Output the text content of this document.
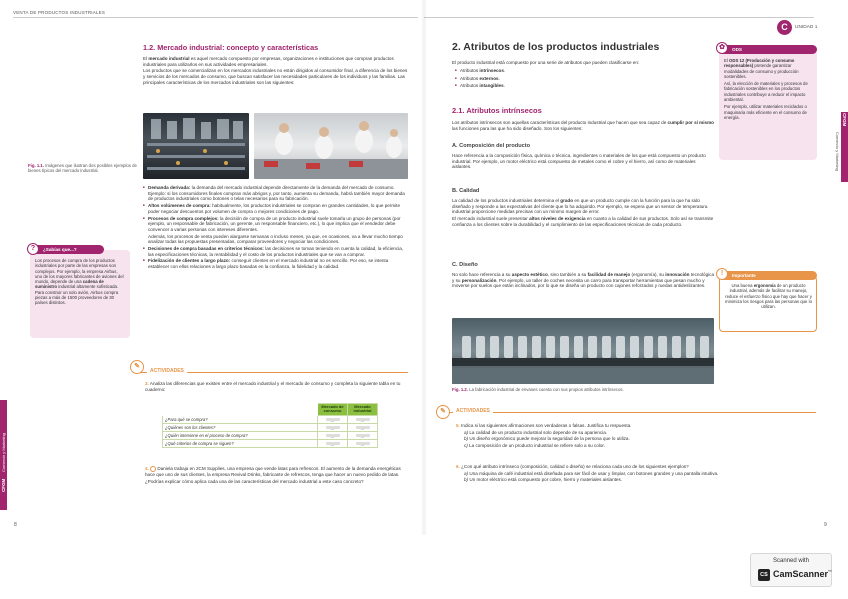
VENTA DE PRODUCTOS INDUSTRIALES
CFGM
Comercio y Marketing
1.2. Mercado industrial: concepto y características

El mercado industrial es aquel mercado compuesto por empresas, organizaciones e instituciones que compran productos industriales para utilizarlos en sus actividades empresariales.

Los productos que se comercializan en los mercados industriales no están dirigidos al consumidor final, a diferencia de los bienes y servicios de los mercados de consumo, que buscan satisfacer las necesidades particulares de los individuos y las familias. Las principales características de los mercados industriales son las siguientes:

Fig. 1.1. Imágenes que ilustran dos posibles ejemplos de bienes típicos del mercado industrial.
■ Demanda derivada: la demanda del mercado industrial depende directamente de la demanda del mercado de consumo. Ejemplo: si los consumidores finales compran más abrigos y, por tanto, aumenta su demanda, habrá también mayor demanda de productos industriales como botones o telas necesarios para su fabricación.
■ Altos volúmenes de compra: habitualmente, los productos industriales se compran en grandes cantidades, lo que permite poder negociar descuentos por volumen de compra o mejores condiciones de pago.
■ Procesos de compra complejos: la decisión de compra de un producto industrial suele tomarla un grupo de personas (por ejemplo, un responsable de fabricación, un gerente, un responsable financiero, etc.), lo que implica que el vendedor debe convencer a varias personas con intereses diferentes.
Además, los procesos de venta pueden alargarse semanas o incluso meses, ya que, en ocasiones, va a llevar mucho tiempo analizar todas las propuestas presentadas, comparar proveedores y negociar las condiciones.
■ Decisiones de compra basadas en criterios técnicos: las decisiones se toman teniendo en cuenta la calidad, la eficiencia, las especificaciones técnicas, la rentabilidad y el costo de los productos industriales que se van a comprar.
■ Fidelización de clientes a largo plazo: conseguir clientes en el mercado industrial no es sencillo. Por eso, se intenta establecer con ellos relaciones a largo plazo basadas en la confianza, la fidelidad y la calidad.
¿Sabías que...?
?
Los procesos de compra de los productos industriales por parte de las empresas son complejos. Por ejemplo, la empresa Airbus, uno de los mayores fabricantes de aviones del mundo, depende de una cadena de suministro industrial altamente sofisticada. Para construir un solo avión, Airbus compra piezas a más de 1500 proveedores de 30 países distintos.
✎
ACTIVIDADES
3. Analiza las diferencias que existen entre el mercado industrial y el mercado de consumo y completa la siguiente tabla en tu cuaderno:
	Mercado de consumo	Mercado industrial
¿Para qué se compra?	...	...
¿Quiénes son los clientes?	...	...
¿Quién interviene en el proceso de compra?	...	...
¿Qué criterios de compra se siguen?	...	...
4.  Daniela trabaja en 2CM Supplies, una empresa que vende latas para refrescos. El aumento de la demanda energéticas hace que uno de sus clientes, la empresa Revival Drinks, fabricante de refrescos, tenga que hacer un nuevo pedido de latas.

¿Podrías explicar cómo aplica cada una de las características del mercado industrial a este caso concreto?

8
C	UNIDAD 1
CFGM
Comercio y Marketing
2. Atributos de los productos industriales
El producto industrial está compuesto por una serie de atributos que pueden clasificarse en:
■ Atributos intrínsecos.
■ Atributos externos.
■ Atributos intangibles.
2.1. Atributos intrínsecos
Los atributos intrínsecos son aquellas características del producto industrial que hacen que sea capaz de cumplir por sí mismo las funciones para las que ha sido diseñado. Son los siguientes:
A. Composición del producto
Hace referencia a la composición física, química o técnica, ingredientes o materiales de los que está compuesto un producto industrial. Por ejemplo, un motor eléctrico está compuesto de metales como el cobre y el hierro, así como de materiales aislantes.
B. Calidad

La calidad de los productos industriales determina el grado en que un producto cumple con la función para la que ha sido diseñado y responde a las expectativas del cliente que lo ha adquirido. Por ejemplo, se espera que un sensor de temperatura industrial proporcione medidas precisas con un mínimo margen de error.

El mercado industrial suele presentar altos niveles de exigencia en cuanto a la calidad de sus productos. Solo así se transmite confianza a los clientes sobre la durabilidad y el cumplimiento de las especificaciones técnicas de cada producto.

C. Diseño
No solo hace referencia a su aspecto estético, sino también a su facilidad de manejo (ergonomía), su innovación tecnológica y su personalización. Por ejemplo, un taller de coches necesita un carro para transportar herramientas que pesan mucho y moverse por suelos que están inclinados, por lo que se diseña un producto con cajones reforzados y ruedas antideslizantes.
Fig. 1.2. La fabricación industrial de envases cuenta con sus propios atributos intrínsecos.
ODS
✿

El ODS 12 (Producción y consumo responsables) pretende garantizar modalidades de consumo y producción sostenibles.

Así, la elección de materiales y procesos de fabricación sostenibles en los productos industriales contribuye a reducir el impacto ambiental.

Por ejemplo, utilizar materiales reciclados o maquinaria más eficiente en el consumo de energía.

Importante
!
Una buena ergonomía de un producto industrial, además de facilitar su manejo, reduce el esfuerzo físico que hay que hacer y minimiza los riesgos para las personas que lo utilizan.
✎	ACTIVIDADES

5. Indica si las siguientes afirmaciones son verdaderas o falsas. Justifica tu respuesta.

a) La calidad de un producto industrial solo depende de su apariencia.

b) Un diseño ergonómico puede mejorar la seguridad de la persona que lo utiliza.

c) La composición de un producto industrial se refiere solo a su color.

6. ¿Con qué atributo intrínseco (composición, calidad o diseño) se relaciona cada uno de los siguientes ejemplos?

a) Una máquina de café industrial está diseñada para ser fácil de usar y limpiar, con botones grandes y una pantalla intuitiva.

b) Un motor eléctrico está compuesto por cobre, hierro y materiales aislantes.

9
Scanned with
CS CamScanner™
